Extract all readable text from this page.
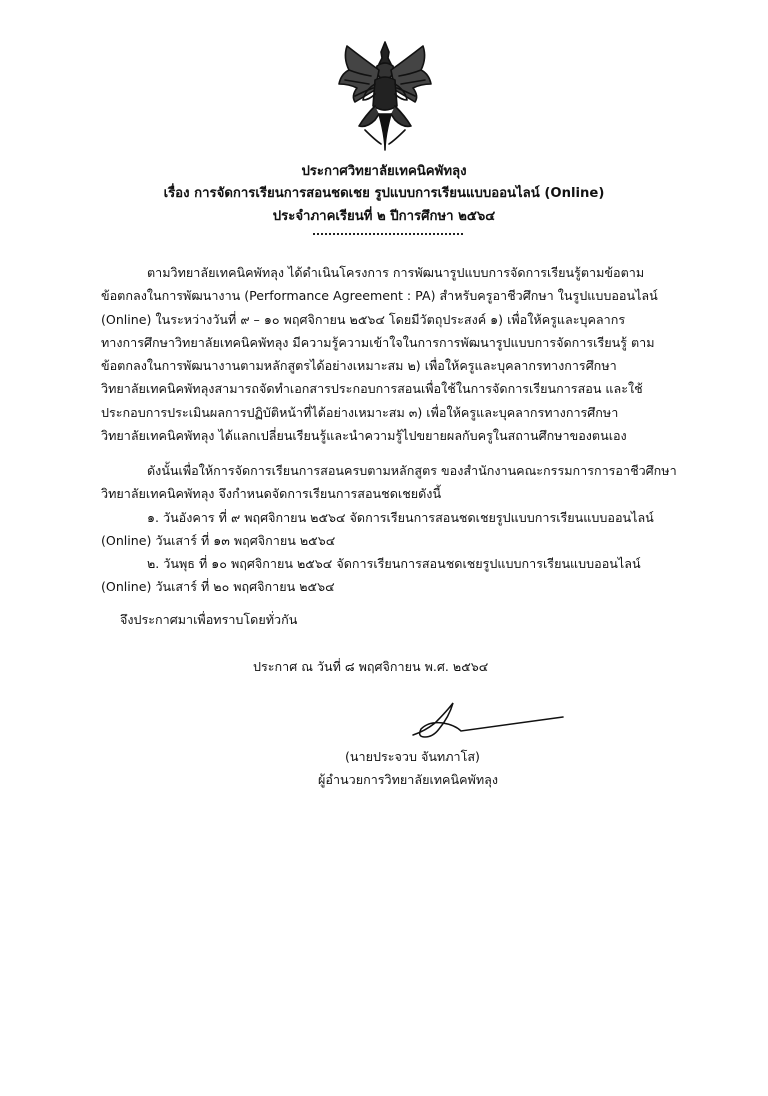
ประกาศวิทยาลัยเทคนิคพัทลุง
เรื่อง การจัดการเรียนการสอนชดเชย รูปแบบการเรียนแบบออนไลน์ (Online)
ประจำภาคเรียนที่ ๒ ปีการศึกษา ๒๕๖๔

ตามวิทยาลัยเทคนิคพัทลุง ได้ดำเนินโครงการ การพัฒนารูปแบบการจัดการเรียนรู้ตามข้อตาม

ข้อตกลงในการพัฒนางาน (Performance Agreement : PA) สำหรับครูอาชีวศึกษา ในรูปแบบออนไลน์

(Online) ในระหว่างวันที่ ๙ – ๑๐ พฤศจิกายน ๒๕๖๔ โดยมีวัตถุประสงค์ ๑) เพื่อให้ครูและบุคลากร

ทางการศึกษาวิทยาลัยเทคนิคพัทลุง มีความรู้ความเข้าใจในการการพัฒนารูปแบบการจัดการเรียนรู้ ตาม

ข้อตกลงในการพัฒนางานตามหลักสูตรได้อย่างเหมาะสม ๒) เพื่อให้ครูและบุคลากรทางการศึกษา

วิทยาลัยเทคนิคพัทลุงสามารถจัดทำเอกสารประกอบการสอนเพื่อใช้ในการจัดการเรียนการสอน และใช้

ประกอบการประเมินผลการปฏิบัติหน้าที่ได้อย่างเหมาะสม ๓) เพื่อให้ครูและบุคลากรทางการศึกษา

วิทยาลัยเทคนิคพัทลุง ได้แลกเปลี่ยนเรียนรู้และนำความรู้ไปขยายผลกับครูในสถานศึกษาของตนเอง

ดังนั้นเพื่อให้การจัดการเรียนการสอนครบตามหลักสูตร ของสำนักงานคณะกรรมการการอาชีวศึกษา

วิทยาลัยเทคนิคพัทลุง จึงกำหนดจัดการเรียนการสอนชดเชยดังนี้

๑. วันอังคาร ที่ ๙ พฤศจิกายน ๒๕๖๔ จัดการเรียนการสอนชดเชยรูปแบบการเรียนแบบออนไลน์

(Online) วันเสาร์ ที่ ๑๓ พฤศจิกายน ๒๕๖๔

๒. วันพุธ ที่ ๑๐ พฤศจิกายน ๒๕๖๔ จัดการเรียนการสอนชดเชยรูปแบบการเรียนแบบออนไลน์

(Online) วันเสาร์ ที่ ๒๐ พฤศจิกายน ๒๕๖๔

จึงประกาศมาเพื่อทราบโดยทั่วกัน
ประกาศ ณ วันที่ ๘ พฤศจิกายน พ.ศ. ๒๕๖๔
(นายประจวบ จันทภาโส)
ผู้อำนวยการวิทยาลัยเทคนิคพัทลุง
